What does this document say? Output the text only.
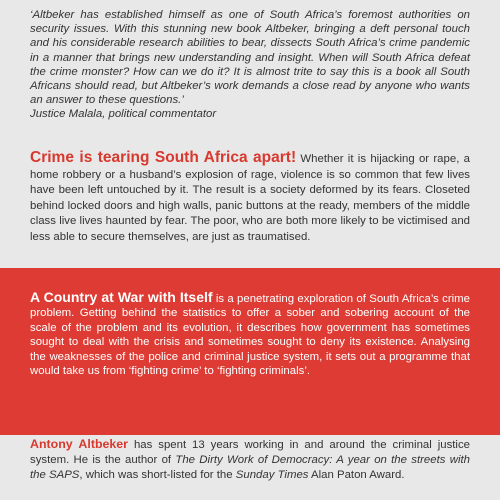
‘Altbeker has established himself as one of South Africa’s foremost authorities on security issues. With this stunning new book Altbeker, bringing a deft personal touch and his considerable research abilities to bear, dissects South Africa’s crime pandemic in a manner that brings new understanding and insight. When will South Africa defeat the crime monster? How can we do it? It is almost trite to say this is a book all South Africans should read, but Altbeker’s work demands a close read by anyone who wants an answer to these questions.’
Justice Malala, political commentator
Crime is tearing South Africa apart! Whether it is hijacking or rape, a home robbery or a husband’s explosion of rage, violence is so common that few lives have been left untouched by it. The result is a society deformed by its fears. Closeted behind locked doors and high walls, panic buttons at the ready, members of the middle class live lives haunted by fear. The poor, who are both more likely to be victimised and less able to secure themselves, are just as traumatised.
A Country at War with Itself is a penetrating exploration of South Africa’s crime problem. Getting behind the statistics to offer a sober and sobering account of the scale of the problem and its evolution, it describes how government has sometimes sought to deal with the crisis and sometimes sought to deny its existence. Analysing the weaknesses of the police and criminal justice system, it sets out a programme that would take us from ‘fighting crime’ to ‘fighting criminals’.
Antony Altbeker has spent 13 years working in and around the criminal justice system. He is the author of The Dirty Work of Democracy: A year on the streets with the SAPS, which was short-listed for the Sunday Times Alan Paton Award.
